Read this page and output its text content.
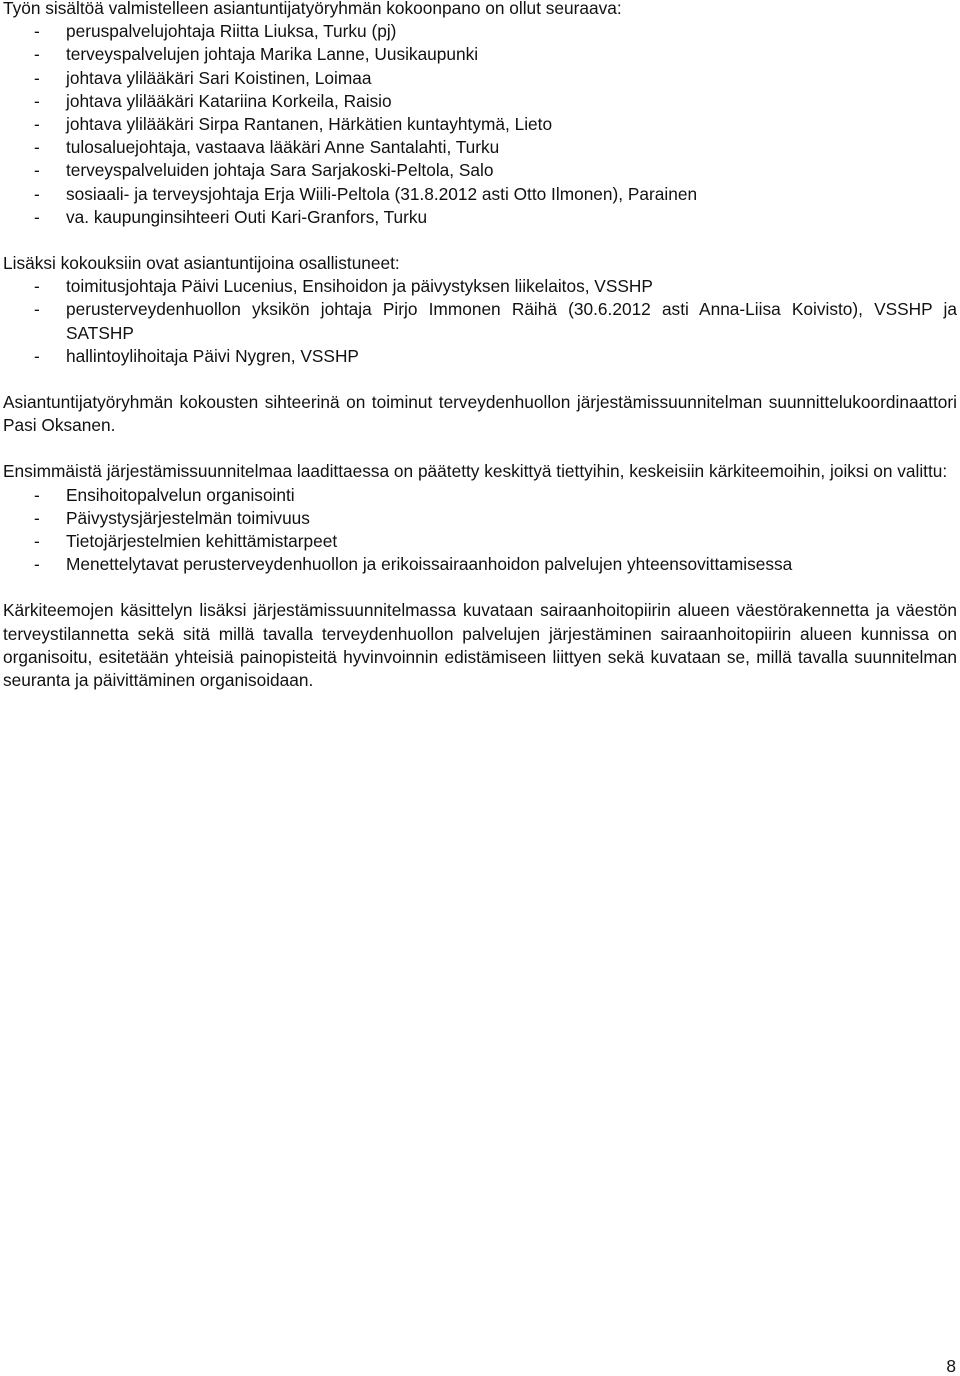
Työn sisältöä valmistelleen asiantuntijatyöryhmän kokoonpano on ollut seuraava:

- peruspalvelujohtaja Riitta Liuksa, Turku (pj)
- terveyspalvelujen johtaja Marika Lanne, Uusikaupunki
- johtava ylilääkäri Sari Koistinen, Loimaa
- johtava ylilääkäri Katariina Korkeila, Raisio
- johtava ylilääkäri Sirpa Rantanen, Härkätien kuntayhtymä, Lieto
- tulosaluejohtaja, vastaava lääkäri Anne Santalahti, Turku
- terveyspalveluiden johtaja Sara Sarjakoski-Peltola, Salo
- sosiaali- ja terveysjohtaja Erja Wiili-Peltola (31.8.2012 asti Otto Ilmonen), Parainen
- va. kaupunginsihteeri Outi Kari-Granfors, Turku

Lisäksi kokouksiin ovat asiantuntijoina osallistuneet:

- toimitusjohtaja Päivi Lucenius, Ensihoidon ja päivystyksen liikelaitos, VSSHP
- perusterveydenhuollon yksikön johtaja Pirjo Immonen Räihä (30.6.2012 asti Anna-Liisa Koivisto), VSSHP ja SATSHP
- hallintoylihoitaja Päivi Nygren, VSSHP

Asiantuntijatyöryhmän kokousten sihteerinä on toiminut terveydenhuollon järjestämissuunnitelman suunnittelukoordinaattori Pasi Oksanen.

Ensimmäistä järjestämissuunnitelmaa laadittaessa on päätetty keskittyä tiettyihin, keskeisiin kärkiteemoihin, joiksi on valittu:

- Ensihoitopalvelun organisointi
- Päivystysjärjestelmän toimivuus
- Tietojärjestelmien kehittämistarpeet
- Menettelytavat perusterveydenhuollon ja erikoissairaanhoidon palvelujen yhteensovittamisessa

Kärkiteemojen käsittelyn lisäksi järjestämissuunnitelmassa kuvataan sairaanhoitopiirin alueen väestörakennetta ja väestön terveystilannetta sekä sitä millä tavalla terveydenhuollon palvelujen järjestäminen sairaanhoitopiirin alueen kunnissa on organisoitu, esitetään yhteisiä painopisteitä hyvinvoinnin edistämiseen liittyen sekä kuvataan se, millä tavalla suunnitelman seuranta ja päivittäminen organisoidaan.

8
